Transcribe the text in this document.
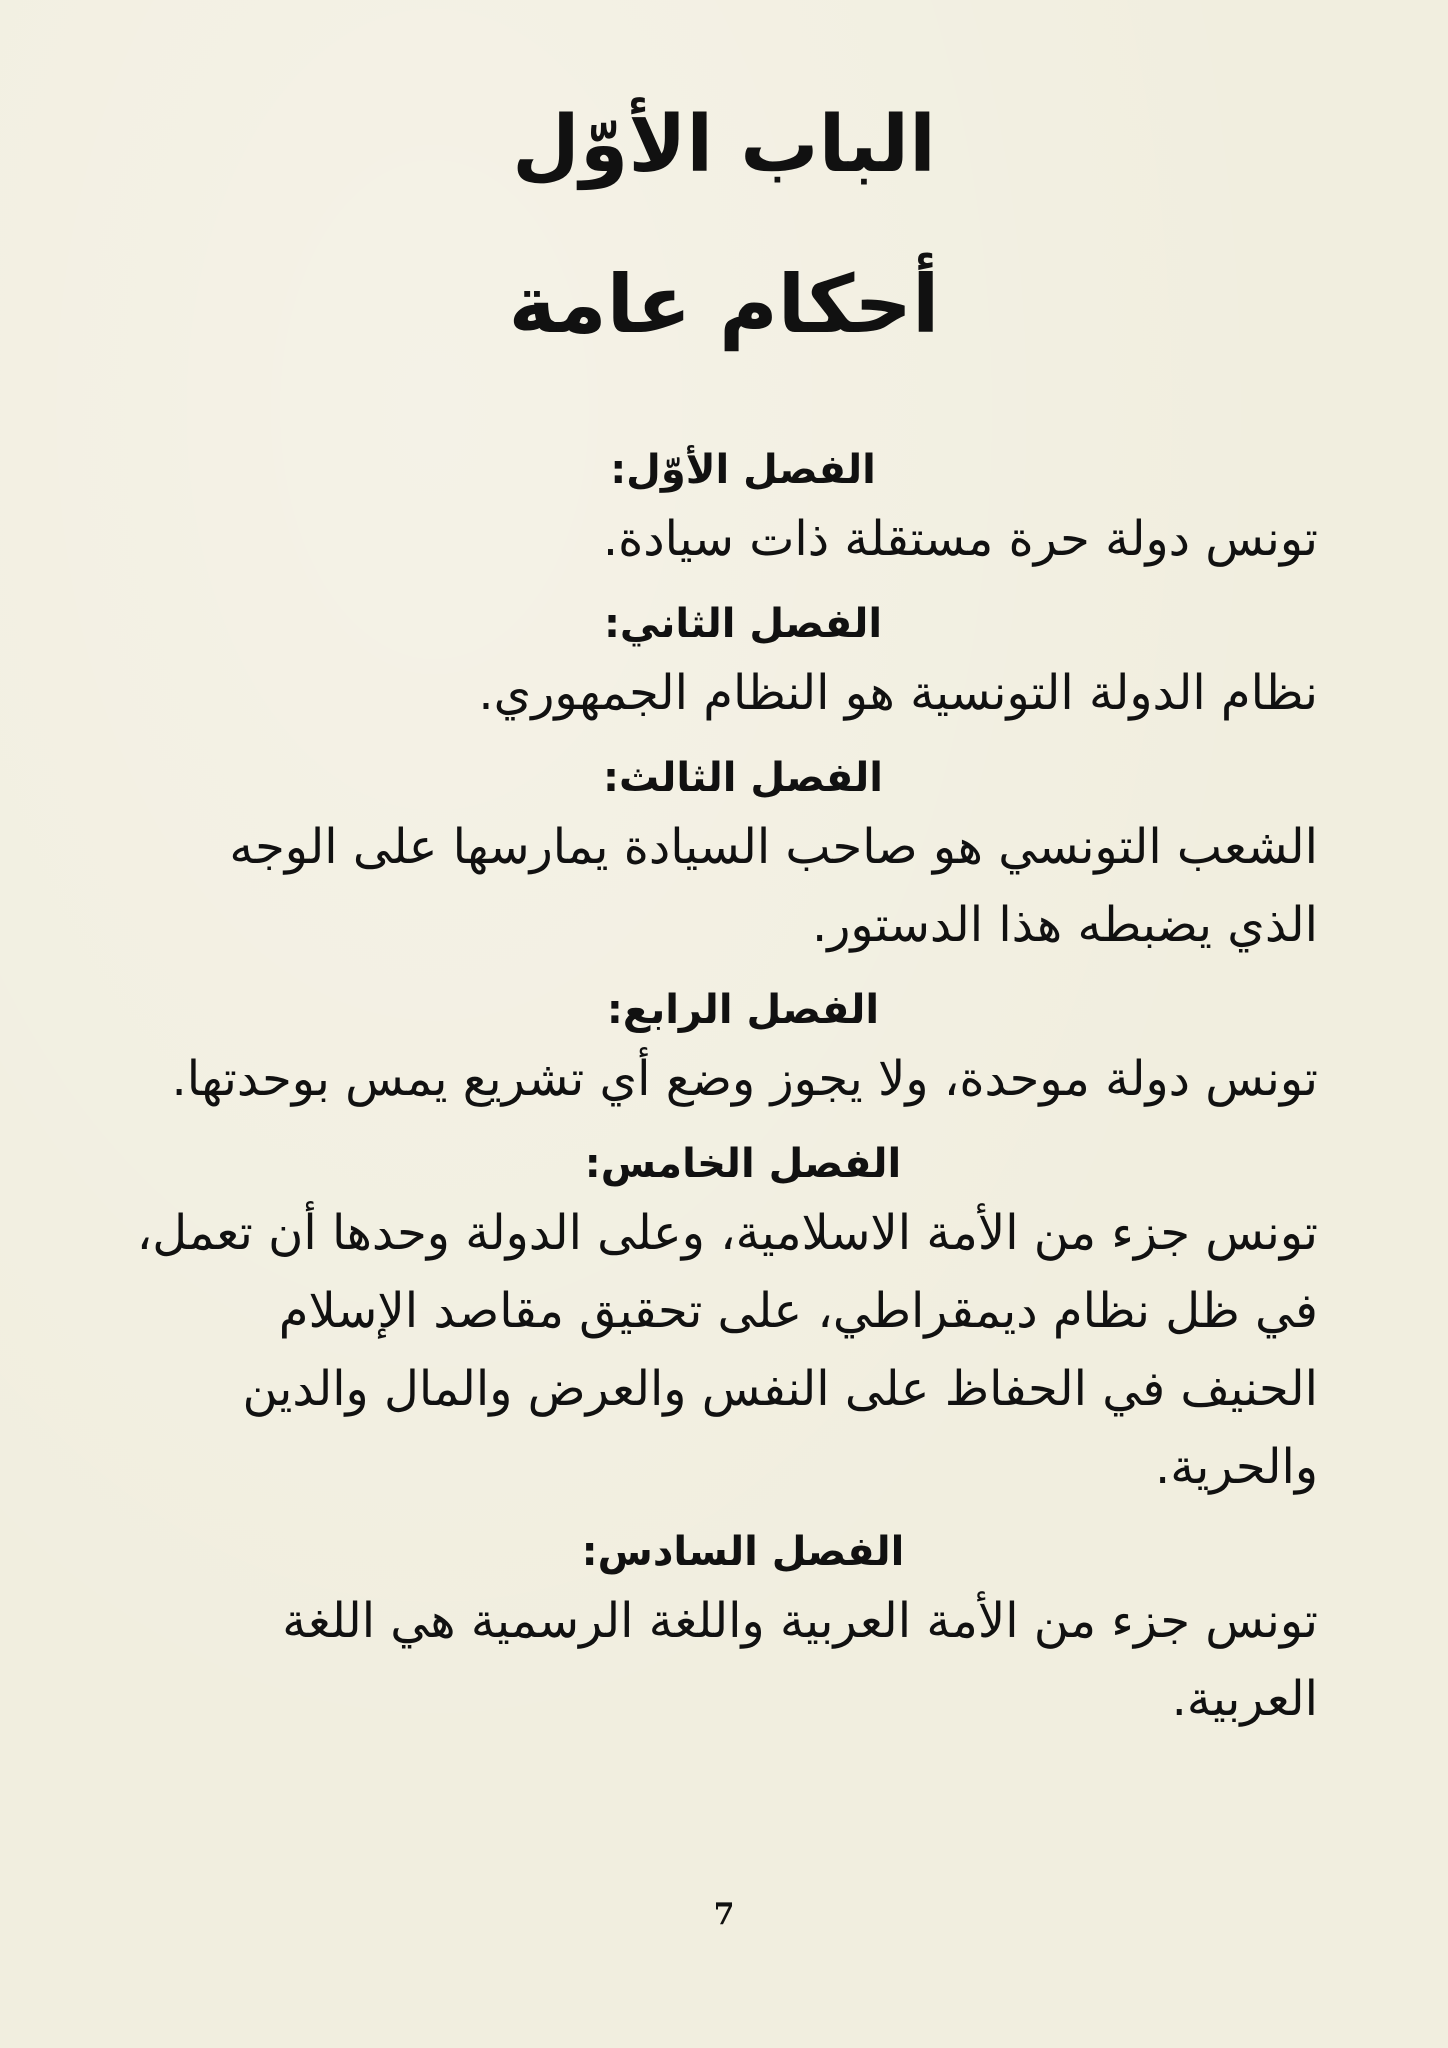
الباب الأوّل
أحكام عامة
الفصل الأوّل:

تونس دولة حرة مستقلة ذات سيادة.

الفصل الثاني:

نظام الدولة التونسية هو النظام الجمهوري.

الفصل الثالث:

الشعب التونسي هو صاحب السيادة يمارسها على الوجه الذي يضبطه هذا الدستور.

الفصل الرابع:

تونس دولة موحدة، ولا يجوز وضع أي تشريع يمس بوحدتها.

الفصل الخامس:

تونس جزء من الأمة الاسلامية، وعلى الدولة وحدها أن تعمل، في ظل نظام ديمقراطي، على تحقيق مقاصد الإسلام الحنيف في الحفاظ على النفس والعرض والمال والدين والحرية.

الفصل السادس:

تونس جزء من الأمة العربية واللغة الرسمية هي اللغة العربية.

7
